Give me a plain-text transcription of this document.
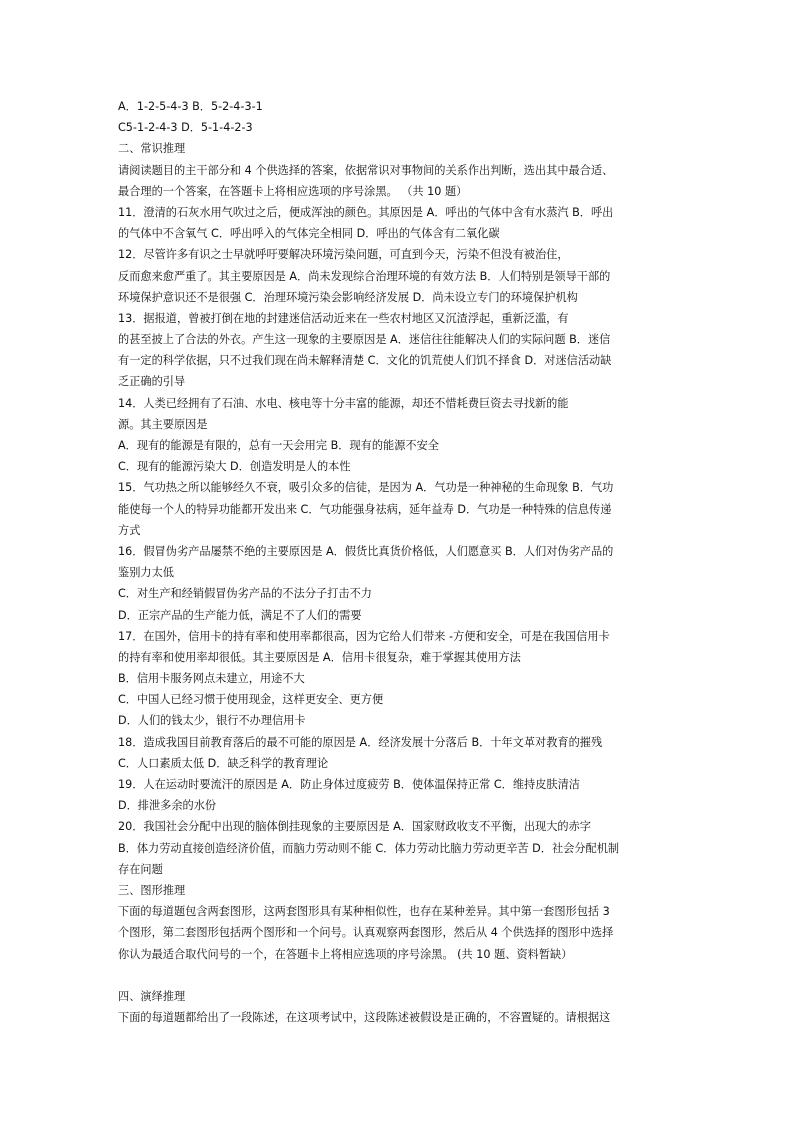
A．1-2-5-4-3 B．5-2-4-3-1
C5-1-2-4-3 D．5-1-4-2-3
二、常识推理
请阅读题目的主干部分和 4 个供选择的答案，依据常识对事物间的关系作出判断，选出其中最合适、
最合理的一个答案，在答题卡上将相应选项的序号涂黑。 （共 10 题）
11．澄清的石灰水用气吹过之后，便成浑浊的颜色。其原因是 A．呼出的气体中含有水蒸汽 B．呼出
的气体中不含氧气 C．呼出呼入的气体完全相同 D．呼出的气体含有二氧化碳
12．尽管许多有识之士早就呼吁要解决环境污染问题，可直到今天，污染不但没有被治住，
反而愈来愈严重了。其主要原因是 A．尚未发现综合治理环境的有效方法 B．人们特别是领导干部的
环境保护意识还不是很强 C．治理环境污染会影响经济发展 D．尚未设立专门的环境保护机构
13．据报道，曾被打倒在地的封建迷信活动近来在一些农村地区又沉渣浮起，重新泛滥，有
的甚至披上了合法的外衣。产生这一现象的主要原因是 A．迷信往往能解决人们的实际问题 B．迷信
有一定的科学依据，只不过我们现在尚未解释清楚 C．文化的饥荒使人们饥不择食 D．对迷信活动缺
乏正确的引导
14．人类已经拥有了石油、水电、核电等十分丰富的能源，却还不惜耗费巨资去寻找新的能
源。其主要原因是
A．现有的能源是有限的，总有一天会用完 B．现有的能源不安全
C．现有的能源污染大 D．创造发明是人的本性
15．气功热之所以能够经久不衰，吸引众多的信徒，是因为 A．气功是一种神秘的生命现象 B．气功
能使每一个人的特异功能都开发出来 C．气功能强身祛病，延年益寿 D．气功是一种特殊的信息传递
方式
16．假冒伪劣产品屡禁不绝的主要原因是 A．假货比真货价格低，人们愿意买 B．人们对伪劣产品的
鉴别力太低
C．对生产和经销假冒伪劣产品的不法分子打击不力
D．正宗产品的生产能力低，满足不了人们的需要
17．在国外，信用卡的持有率和使用率都很高，因为它给人们带来 -方便和安全，可是在我国信用卡
的持有率和使用率却很低。其主要原因是 A．信用卡很复杂，难于掌握其使用方法
B．信用卡服务网点未建立，用途不大
C．中国人已经习惯于使用现金，这样更安全、更方便
D．人们的钱太少，银行不办理信用卡
18．造成我国目前教育落后的最不可能的原因是 A．经济发展十分落后 B．十年文革对教育的摧残
C．人口素质太低 D．缺乏科学的教育理论
19．人在运动时要流汗的原因是 A．防止身体过度疲劳 B．使体温保持正常 C．维持皮肤清洁
D．排泄多余的水份
20．我国社会分配中出现的脑体倒挂现象的主要原因是 A．国家财政收支不平衡，出现大的赤字
B．体力劳动直接创造经济价值，而脑力劳动则不能 C．体力劳动比脑力劳动更辛苦 D．社会分配机制
存在问题
三、图形推理
下面的每道题包含两套图形，这两套图形具有某种相似性，也存在某种差异。其中第一套图形包括 3
个图形，第二套图形包括两个图形和一个问号。认真观察两套图形，然后从 4 个供选择的图形中选择
你认为最适合取代问号的一个，在答题卡上将相应选项的序号涂黑。 (共 10 题、资料暂缺）
四、演绎推理
下面的每道题都给出了一段陈述，在这项考试中，这段陈述被假设是正确的，不容置疑的。请根据这
